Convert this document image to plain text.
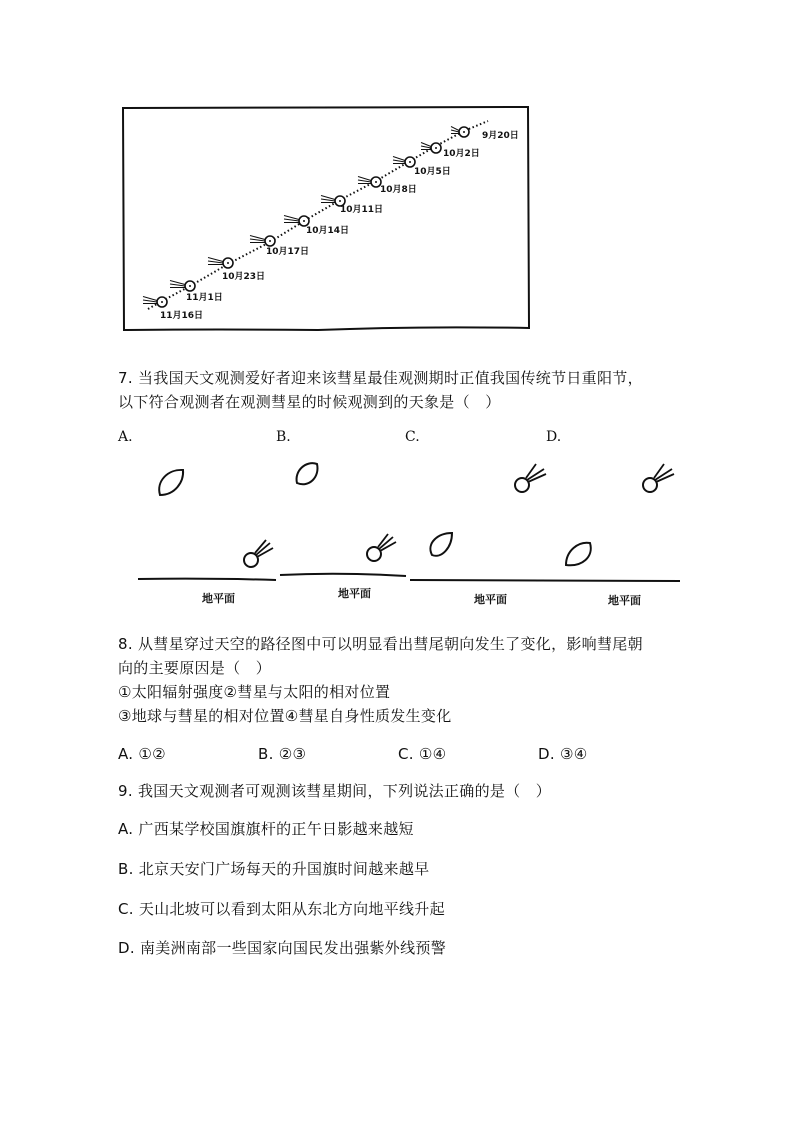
9月20日
10月2日
10月5日
10月8日
10月11日
10月14日
10月17日
10月23日
11月1日
11月16日
7. 当我国天文观测爱好者迎来该彗星最佳观测期时正值我国传统节日重阳节，
以下符合观测者在观测彗星的时候观测到的天象是（　）
A.	B.	C.	D.
地平面	地平面	地平面	地平面
8. 从彗星穿过天空的路径图中可以明显看出彗尾朝向发生了变化，影响彗尾朝
向的主要原因是（　）
①太阳辐射强度②彗星与太阳的相对位置
③地球与彗星的相对位置④彗星自身性质发生变化
A. ①②	B. ②③	C. ①④	D. ③④
9. 我国天文观测者可观测该彗星期间，下列说法正确的是（　）
A. 广西某学校国旗旗杆的正午日影越来越短
B. 北京天安门广场每天的升国旗时间越来越早
C. 天山北坡可以看到太阳从东北方向地平线升起
D. 南美洲南部一些国家向国民发出强紫外线预警
